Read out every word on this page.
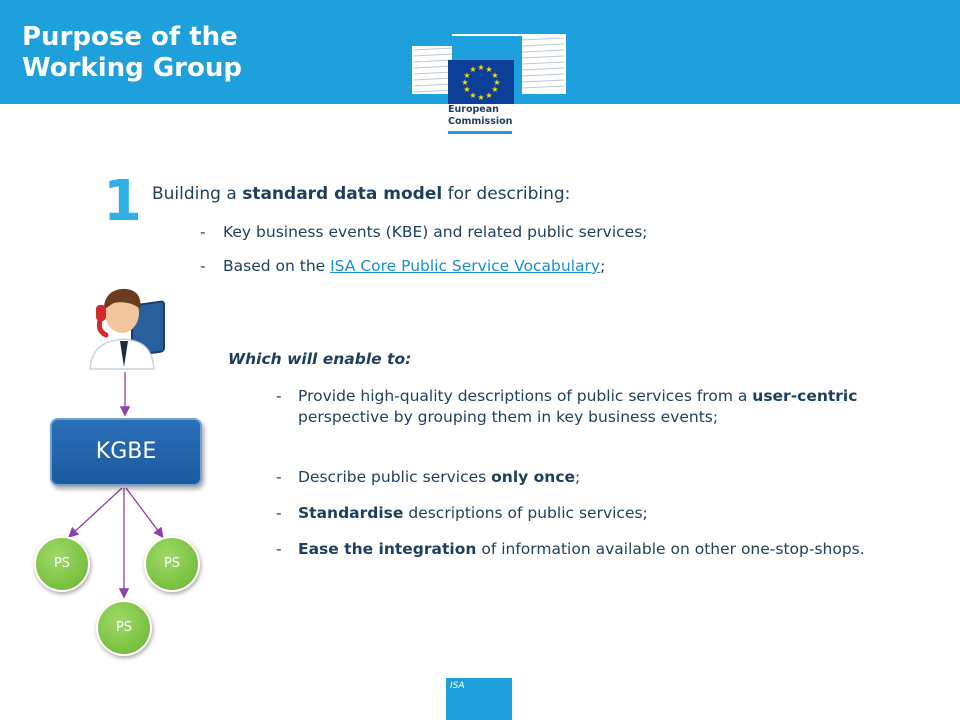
Purpose of the
Working Group	★ ★
★
★
★
★
★
★
★
★
★
★
European
Commission
1 Building a standard data model for describing:
-	Key business events (KBE) and related public services;
-	Based on the ISA Core Public Service Vocabulary;
Which will enable to:
-	Provide high-quality descriptions of public services from a user-centric perspective by grouping them in key business events;
-	Describe public services only once;
-	Standardise descriptions of public services;
-	Ease the integration of information available on other one-stop-shops.
KGBE
PS	PS
PS
ISA
